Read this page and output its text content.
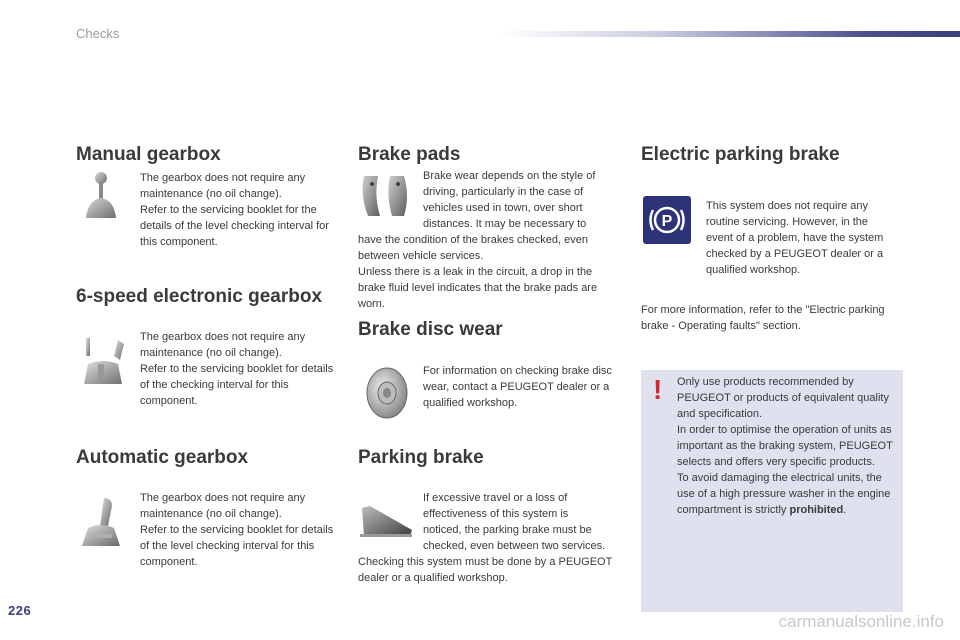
Checks
Manual gearbox

The gearbox does not require any maintenance (no oil change).

Refer to the servicing booklet for the details of the level checking interval for this component.

6-speed electronic gearbox

The gearbox does not require any maintenance (no oil change).

Refer to the servicing booklet for details of the checking interval for this component.

Automatic gearbox

The gearbox does not require any maintenance (no oil change).

Refer to the servicing booklet for details of the level checking interval for this component.

Brake pads

Brake wear depends on the style of driving, particularly in the case of vehicles used in town, over short distances. It may be necessary to

have the condition of the brakes checked, even between vehicle services.

Unless there is a leak in the circuit, a drop in the brake fluid level indicates that the brake pads are worn.

Brake disc wear

For information on checking brake disc wear, contact a PEUGEOT dealer or a qualified workshop.

Parking brake

If excessive travel or a loss of effectiveness of this system is noticed, the parking brake must be checked, even between two services.

Checking this system must be done by a PEUGEOT dealer or a qualified workshop.

Electric parking brake
P

This system does not require any routine servicing. However, in the event of a problem, have the system checked by a PEUGEOT dealer or a qualified workshop.

For more information, refer to the "Electric parking brake - Operating faults" section.

! Only use products recommended by PEUGEOT or products of equivalent quality and specification.

In order to optimise the operation of units as important as the braking system, PEUGEOT selects and offers very specific products.

To avoid damaging the electrical units, the use of a high pressure washer in the engine compartment is strictly prohibited.

226
carmanualsonline.info
